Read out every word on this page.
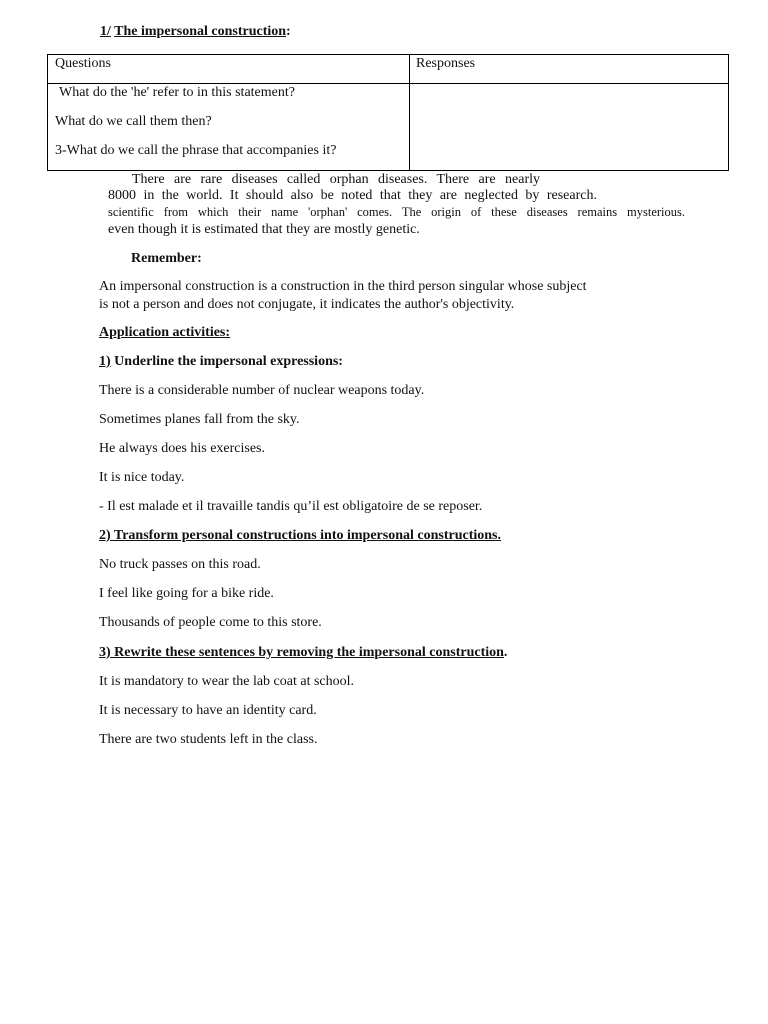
1/ The impersonal construction:
Questions	Responses
What do the 'he' refer to in this statement?
What do we call them then?
3-What do we call the phrase that accompanies it?
There are rare diseases called orphan diseases. There are nearly
8000 in the world. It should also be noted that they are neglected by research.
scientific from which their name 'orphan' comes. The origin of these diseases remains mysterious.
even though it is estimated that they are mostly genetic.
Remember:
An impersonal construction is a construction in the third person singular whose subject
is not a person and does not conjugate, it indicates the author's objectivity.
Application activities:
1) Underline the impersonal expressions:
There is a considerable number of nuclear weapons today.
Sometimes planes fall from the sky.
He always does his exercises.
It is nice today.
- Il est malade et il travaille tandis qu’il est obligatoire de se reposer.
2) Transform personal constructions into impersonal constructions.
No truck passes on this road.
I feel like going for a bike ride.
Thousands of people come to this store.
3) Rewrite these sentences by removing the impersonal construction.
It is mandatory to wear the lab coat at school.
It is necessary to have an identity card.
There are two students left in the class.
